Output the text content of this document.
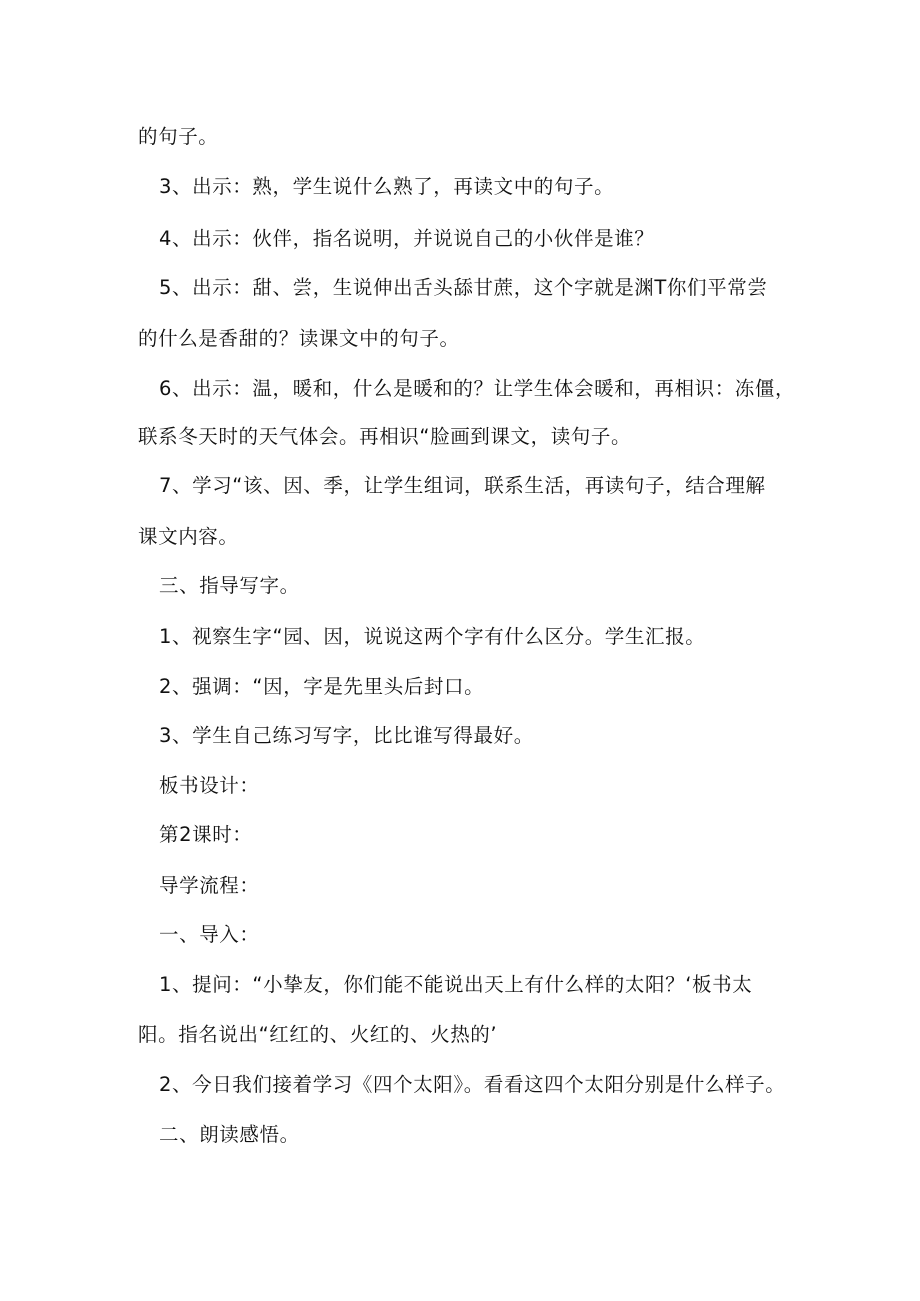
的句子。
3、出示：熟，学生说什么熟了，再读文中的句子。
4、出示：伙伴，指名说明，并说说自己的小伙伴是谁？
5、出示：甜、尝，生说伸出舌头舔甘蔗，这个字就是渊T你们平常尝
的什么是香甜的？读课文中的句子。
6、出示：温，暖和，什么是暖和的？让学生体会暖和，再相识：冻僵，
联系冬天时的天气体会。再相识“脸画到课文，读句子。
7、学习“该、因、季，让学生组词，联系生活，再读句子，结合理解
课文内容。
三、指导写字。
1、视察生字“园、因，说说这两个字有什么区分。学生汇报。
2、强调：“因，字是先里头后封口。
3、学生自己练习写字，比比谁写得最好。
板书设计：
第2课时：
导学流程：
一、导入：
1、提问：“小挚友，你们能不能说出天上有什么样的太阳？‘板书太
阳。指名说出“红红的、火红的、火热的’
2、今日我们接着学习《四个太阳》。看看这四个太阳分别是什么样子。
二、朗读感悟。
